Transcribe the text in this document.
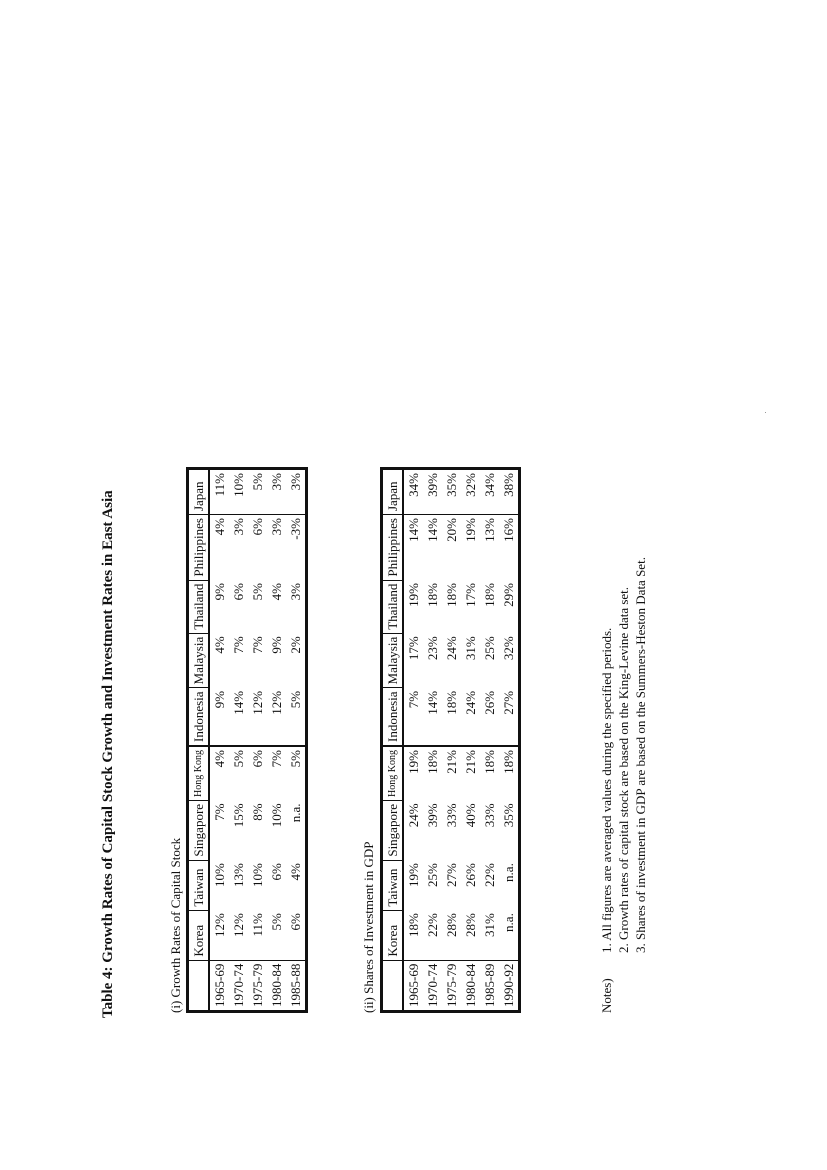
Table 4: Growth Rates of Capital Stock Growth and Investment Rates in East Asia	(i) Growth Rates of Capital Stock
	Korea	Taiwan	Singapore	Hong Kong	Indonesia	Malaysia	Thailand	Philippines	Japan
1965-69	12%	10%	7%	4%	9%	4%	9%	4%	11%
1970-74	12%	13%	15%	5%	14%	7%	6%	3%	10%
1975-79	11%	10%	8%	6%	12%	7%	5%	6%	5%
1980-84	5%	6%	10%	7%	12%	9%	4%	3%	3%
1985-88	6%	4%	n.a.	5%	5%	2%	3%	-3%	3%
(ii) Shares of Investment in GDP
	Korea	Taiwan	Singapore	Hong Kong	Indonesia	Malaysia	Thailand	Philippines	Japan
1965-69	18%	19%	24%	19%	7%	17%	19%	14%	34%
1970-74	22%	25%	39%	18%	14%	23%	18%	14%	39%
1975-79	28%	27%	33%	21%	18%	24%	18%	20%	35%
1980-84	28%	26%	40%	21%	24%	31%	17%	19%	32%
1985-89	31%	22%	33%	18%	26%	25%	18%	13%	34%
1990-92	n.a.	n.a.	35%	18%	27%	32%	29%	16%	38%
Notes)
1. All figures are averaged values during the specified periods. 2. Growth rates of capital stock are based on the King-Levine data set. 3. Shares of investment in GDP are based on the Summers-Heston Data Set.
